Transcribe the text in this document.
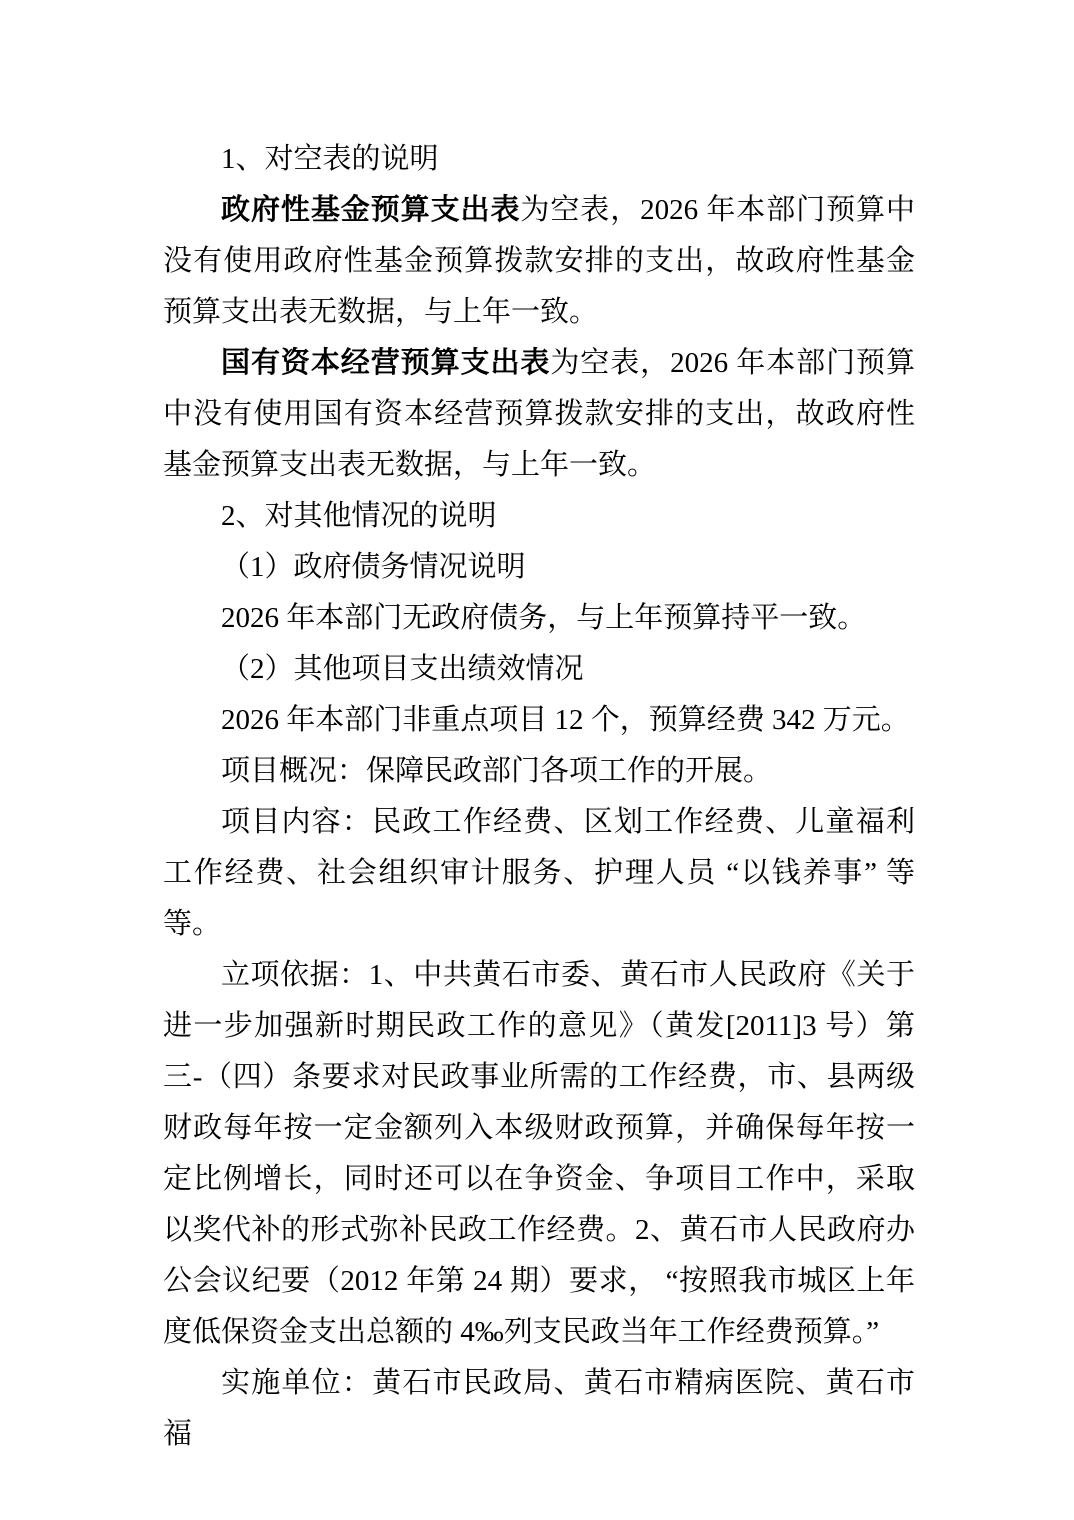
1、对空表的说明

政府性基金预算支出表为空表，2026 年本部门预算中没有使用政府性基金预算拨款安排的支出，故政府性基金预算支出表无数据，与上年一致。

国有资本经营预算支出表为空表，2026 年本部门预算中没有使用国有资本经营预算拨款安排的支出，故政府性基金预算支出表无数据，与上年一致。

2、对其他情况的说明

（1）政府债务情况说明

2026 年本部门无政府债务，与上年预算持平一致。

（2）其他项目支出绩效情况

2026 年本部门非重点项目 12 个，预算经费 342 万元。

项目概况：保障民政部门各项工作的开展。

项目内容：民政工作经费、区划工作经费、儿童福利工作经费、社会组织审计服务、护理人员 “以钱养事” 等等。

立项依据：1、中共黄石市委、黄石市人民政府《关于进一步加强新时期民政工作的意见》（黄发[2011]3 号）第三-（四）条要求对民政事业所需的工作经费，市、县两级财政每年按一定金额列入本级财政预算，并确保每年按一定比例增长，同时还可以在争资金、争项目工作中，采取以奖代补的形式弥补民政工作经费。2、黄石市人民政府办公会议纪要（2012 年第 24 期）要求， “按照我市城区上年度低保资金支出总额的 4‰列支民政当年工作经费预算。”

实施单位：黄石市民政局、黄石市精病医院、黄石市福
